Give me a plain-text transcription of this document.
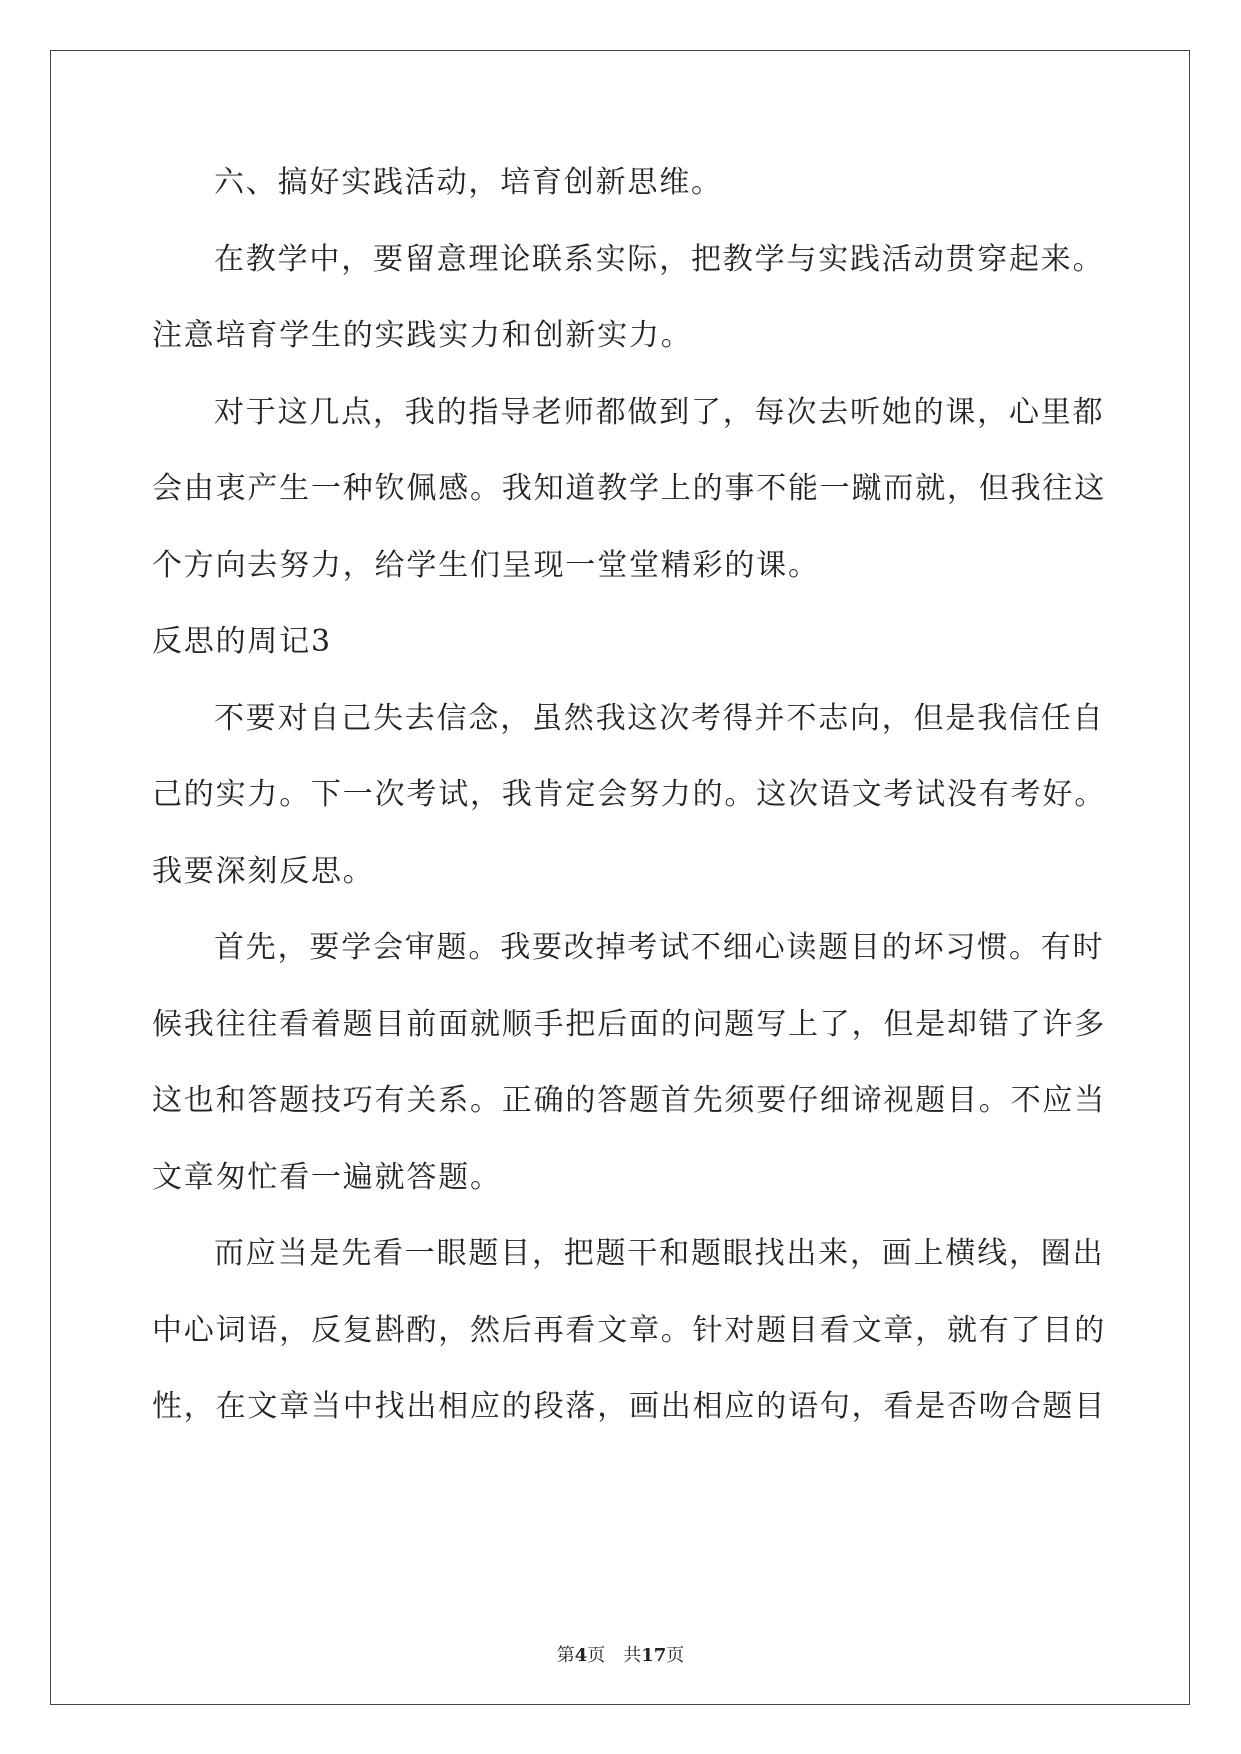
六、搞好实践活动，培育创新思维。
在教学中，要留意理论联系实际，把教学与实践活动贯穿起来。
注意培育学生的实践实力和创新实力。
对于这几点，我的指导老师都做到了，每次去听她的课，心里都
会由衷产生一种钦佩感。我知道教学上的事不能一蹴而就，但我往这
个方向去努力，给学生们呈现一堂堂精彩的课。
反思的周记3
不要对自己失去信念，虽然我这次考得并不志向，但是我信任自
己的实力。下一次考试，我肯定会努力的。这次语文考试没有考好。
我要深刻反思。
首先，要学会审题。我要改掉考试不细心读题目的坏习惯。有时
候我往往看着题目前面就顺手把后面的问题写上了，但是却错了许多
这也和答题技巧有关系。正确的答题首先须要仔细谛视题目。不应当
文章匆忙看一遍就答题。
而应当是先看一眼题目，把题干和题眼找出来，画上横线，圈出
中心词语，反复斟酌，然后再看文章。针对题目看文章，就有了目的
性，在文章当中找出相应的段落，画出相应的语句，看是否吻合题目
第4页　共17页
